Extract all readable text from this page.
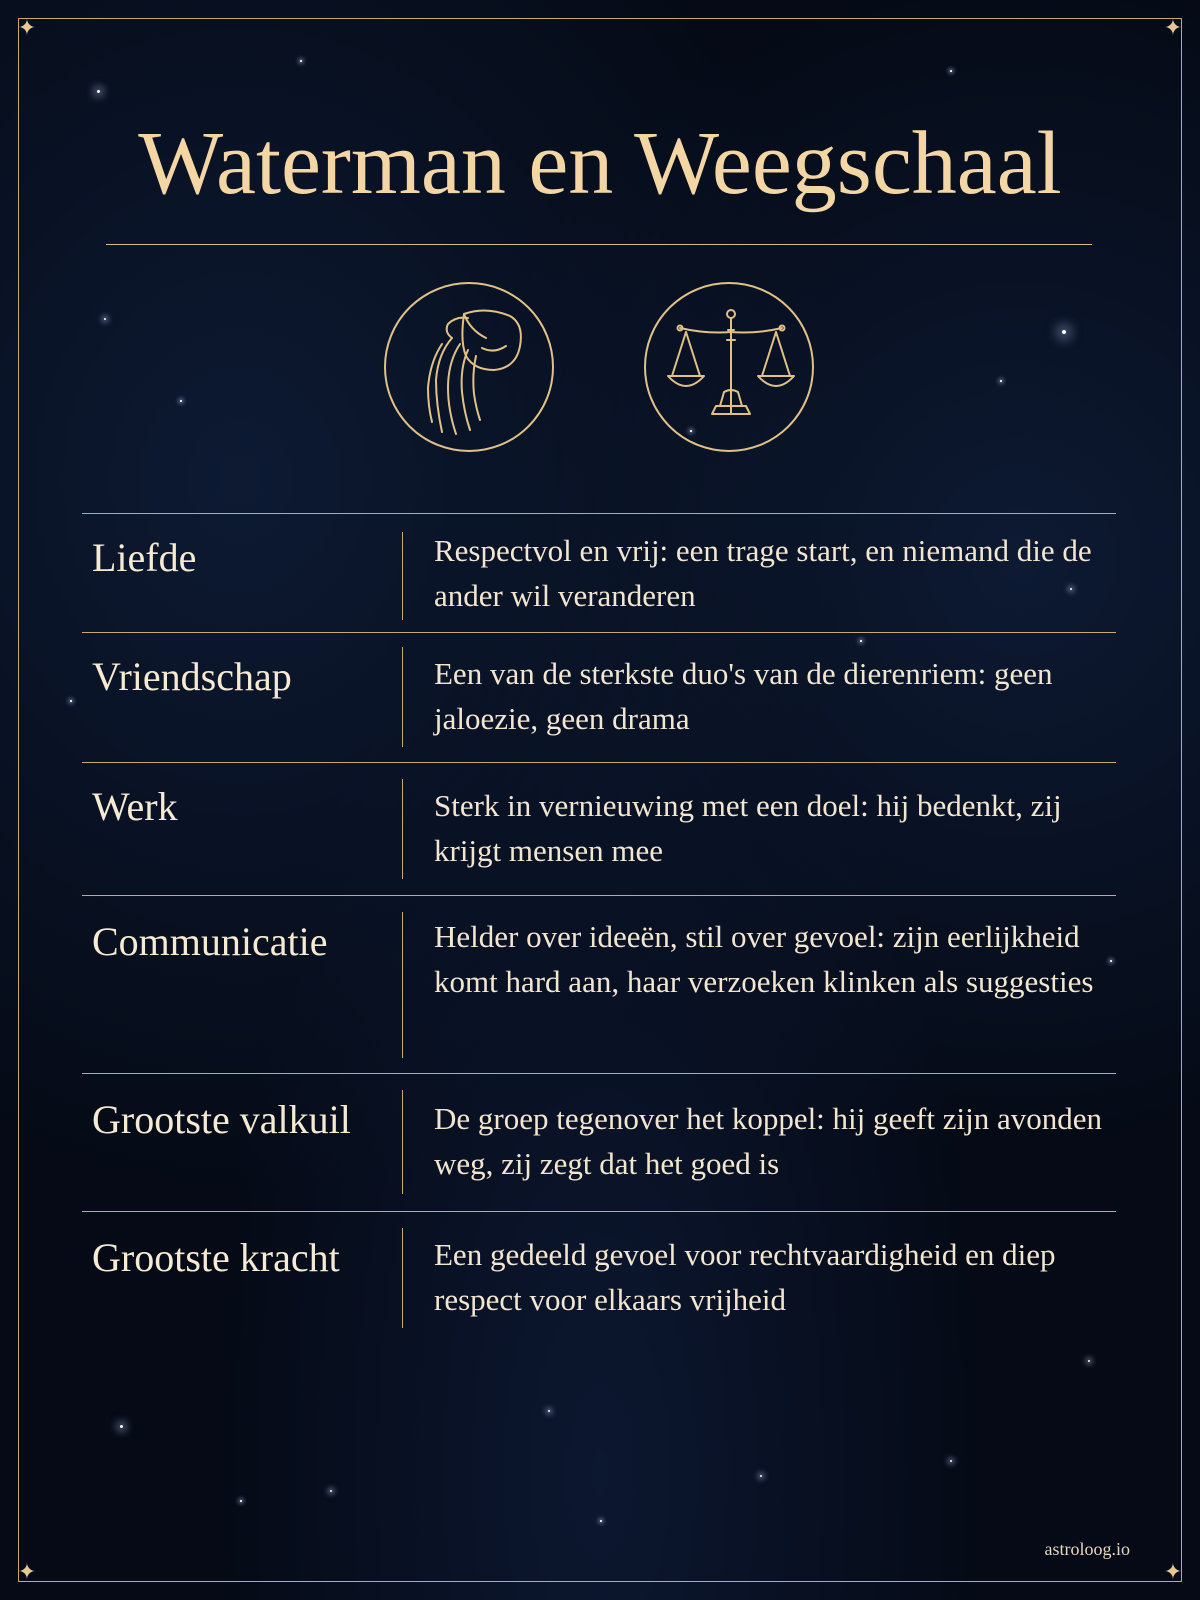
✦	✦
✦	✦
Waterman en Weegschaal
Liefde	Respectvol en vrij: een trage start, en niemand die de ander wil veranderen
Vriendschap	Een van de sterkste duo's van de dierenriem: geen jaloezie, geen drama
Werk	Sterk in vernieuwing met een doel: hij bedenkt, zij krijgt mensen mee
Communicatie	Helder over ideeën, stil over gevoel: zijn eerlijkheid komt hard aan, haar verzoeken klinken als suggesties
Grootste valkuil	De groep tegenover het koppel: hij geeft zijn avonden weg, zij zegt dat het goed is
Grootste kracht	Een gedeeld gevoel voor rechtvaardigheid en diep respect voor elkaars vrijheid
astroloog.io
